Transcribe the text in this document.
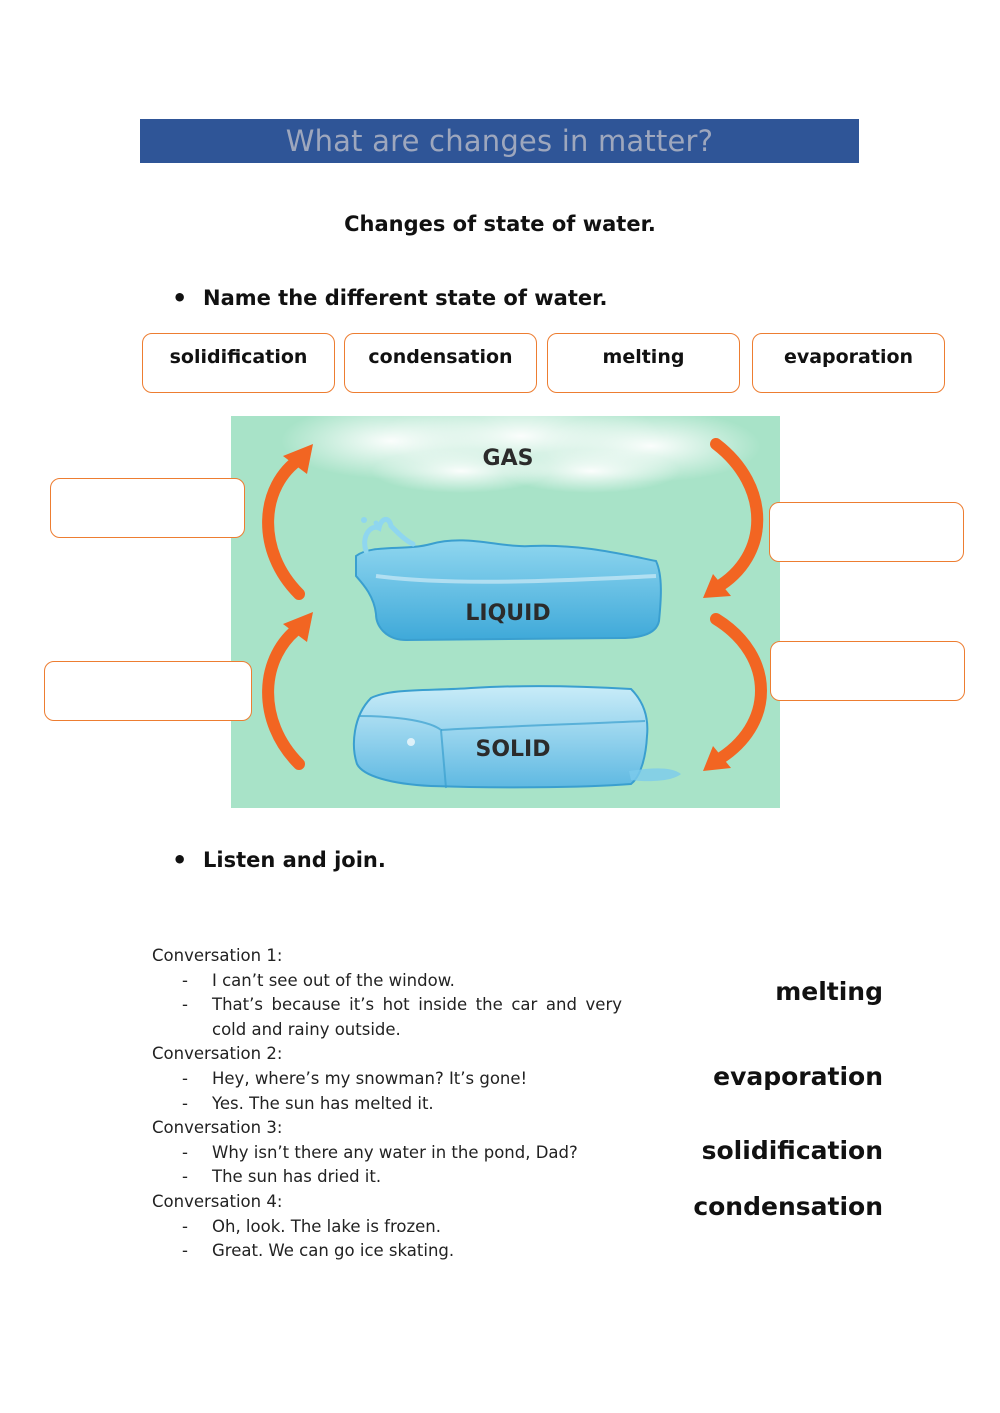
What are changes in matter?
Changes of state of water.
• Name the different state of water.
solidification	condensation	melting	evaporation
GAS
LIQUID
SOLID
• Listen and join.
Conversation 1:
- I can’t see out of the window.
- That’s because it’s hot inside the car and very cold and rainy outside.
Conversation 2:
- Hey, where’s my snowman? It’s gone!
- Yes. The sun has melted it.
Conversation 3:
- Why isn’t there any water in the pond, Dad?
- The sun has dried it.
Conversation 4:
- Oh, look. The lake is frozen.
- Great. We can go ice skating.
melting
evaporation
solidification
condensation
